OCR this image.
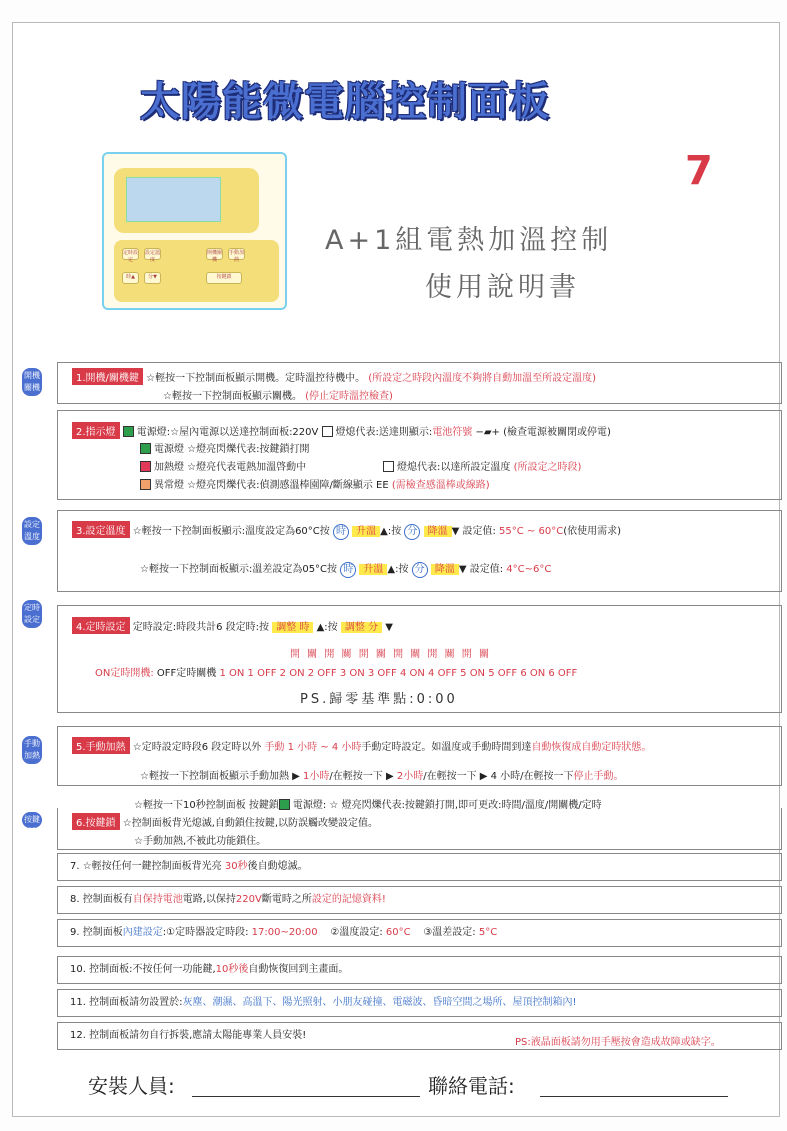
太陽能微電腦控制面板
7
A+1組電熱加溫控制
使用說明書
定時設定
設定溫度
開機關機
手動加熱
時▲	分▼	按鍵鎖
開機關機
設定溫度
定時設定
手動加熱
按鍵鎖
1.開機/關機鍵 ☆輕按一下控制面板顯示開機。定時溫控待機中。 (所設定之時段內溫度不夠將自動加溫至所設定溫度)
☆輕按一下控制面板顯示關機。 (停止定時溫控檢查)
2.指示燈 電源燈:☆屋內電源以送達控制面板:220V 燈熄代表:送達則顯示:電池符號 −▰+ (檢查電源被關閉或停電)
電源燈 ☆燈亮閃爍代表:按鍵鎖打開
加熱燈 ☆燈亮代表電熱加溫啓動中	燈熄代表:以達所設定溫度 (所設定之時段)
異常燈 ☆燈亮閃爍代表:偵測感溫棒園障/斷線顯示 EE (需檢查感溫棒或線路)
3.設定溫度 ☆輕按一下控制面板顯示:溫度設定為60°C按 時 升溫 ▲:按 分 降溫 ▼ 設定值: 55°C ~ 60°C(依使用需求)
☆輕按一下控制面板顯示:溫差設定為05°C按 時 升溫 ▲:按 分 降溫 ▼ 設定值: 4°C~6°C
4.定時設定 定時設定:時段共計6 段定時:按 調整 時 ▲:按 調整 分 ▼
開 關 開 關 開 關 開 關 開 關 開 關
ON定時開機: OFF定時關機 1 ON 1 OFF 2 ON 2 OFF 3 ON 3 OFF 4 ON 4 OFF 5 ON 5 OFF 6 ON 6 OFF
PS.歸零基準點:0:00
5.手動加熱 ☆定時設定時段6 段定時以外 手動 1 小時 ~ 4 小時手動定時設定。如溫度或手動時間到達自動恢復成自動定時狀態。
☆輕按一下控制面板顯示手動加熱 ▶ 1小時/在輕按一下 ▶ 2小時/在輕按一下 ▶ 4 小時/在輕按一下停止手動。
☆輕按一下10秒控制面板 按鍵鎖 電源燈: ☆ 燈亮閃爍代表:按鍵鎖打開,即可更改:時間/溫度/開關機/定時
6.按鍵鎖 ☆控制面板背光熄滅,自動鎖住按鍵,以防誤觸改變設定值。
☆手動加熱,不被此功能鎖住。
7. ☆輕按任何一鍵控制面板背光亮 30秒後自動熄滅。
8. 控制面板有自保持電池電路,以保持220V斷電時之所設定的記憶資料!
9. 控制面板內建設定:①定時器設定時段: 17:00~20:00 ②溫度設定: 60°C ③溫差設定: 5°C
10. 控制面板:不按任何一功能鍵,10秒後自動恢復回到主畫面。
11. 控制面板請勿設置於:灰塵、潮濕、高溫下、陽光照射、小朋友碰撞、電磁波、昏暗空間之場所、屋頂控制箱內!
12. 控制面板請勿自行拆裝,應請太陽能專業人員安裝!
PS:液晶面板請勿用手壓按會造成故障或缺字。
安裝人員:	聯絡電話:
